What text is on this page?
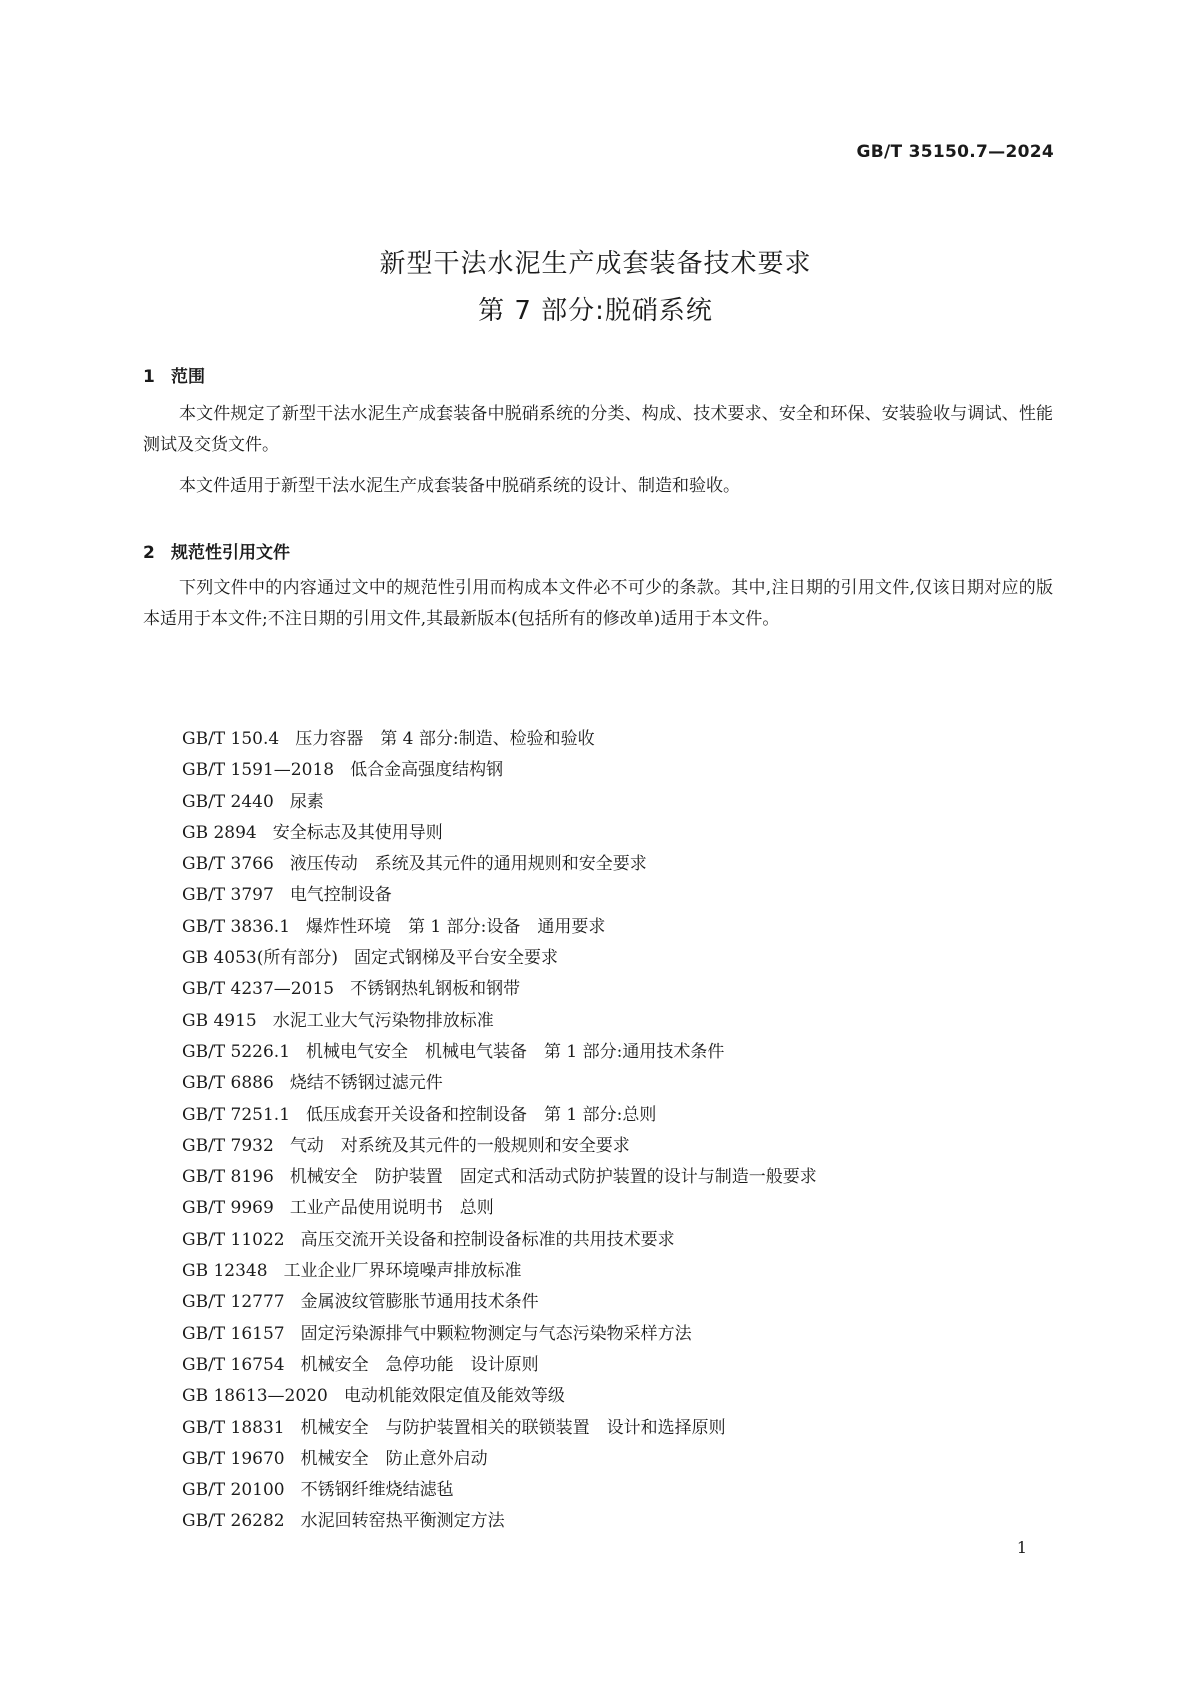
GB/T 35150.7—2024
新型干法水泥生产成套装备技术要求
第 7 部分:脱硝系统
1 范围

本文件规定了新型干法水泥生产成套装备中脱硝系统的分类、构成、技术要求、安全和环保、安装验收与调试、性能测试及交货文件。

本文件适用于新型干法水泥生产成套装备中脱硝系统的设计、制造和验收。

2 规范性引用文件

下列文件中的内容通过文中的规范性引用而构成本文件必不可少的条款。其中,注日期的引用文件,仅该日期对应的版本适用于本文件;不注日期的引用文件,其最新版本(包括所有的修改单)适用于本文件。

GB/T 150.4 压力容器　第 4 部分:制造、检验和验收
GB/T 1591—2018 低合金高强度结构钢
GB/T 2440 尿素
GB 2894 安全标志及其使用导则
GB/T 3766 液压传动　系统及其元件的通用规则和安全要求
GB/T 3797 电气控制设备
GB/T 3836.1 爆炸性环境　第 1 部分:设备　通用要求
GB 4053(所有部分) 固定式钢梯及平台安全要求
GB/T 4237—2015 不锈钢热轧钢板和钢带
GB 4915 水泥工业大气污染物排放标准
GB/T 5226.1 机械电气安全　机械电气装备　第 1 部分:通用技术条件
GB/T 6886 烧结不锈钢过滤元件
GB/T 7251.1 低压成套开关设备和控制设备　第 1 部分:总则
GB/T 7932 气动　对系统及其元件的一般规则和安全要求
GB/T 8196 机械安全　防护装置　固定式和活动式防护装置的设计与制造一般要求
GB/T 9969 工业产品使用说明书　总则
GB/T 11022 高压交流开关设备和控制设备标准的共用技术要求
GB 12348 工业企业厂界环境噪声排放标准
GB/T 12777 金属波纹管膨胀节通用技术条件
GB/T 16157 固定污染源排气中颗粒物测定与气态污染物采样方法
GB/T 16754 机械安全　急停功能　设计原则
GB 18613—2020 电动机能效限定值及能效等级
GB/T 18831 机械安全　与防护装置相关的联锁装置　设计和选择原则
GB/T 19670 机械安全　防止意外启动
GB/T 20100 不锈钢纤维烧结滤毡
GB/T 26282 水泥回转窑热平衡测定方法
1
